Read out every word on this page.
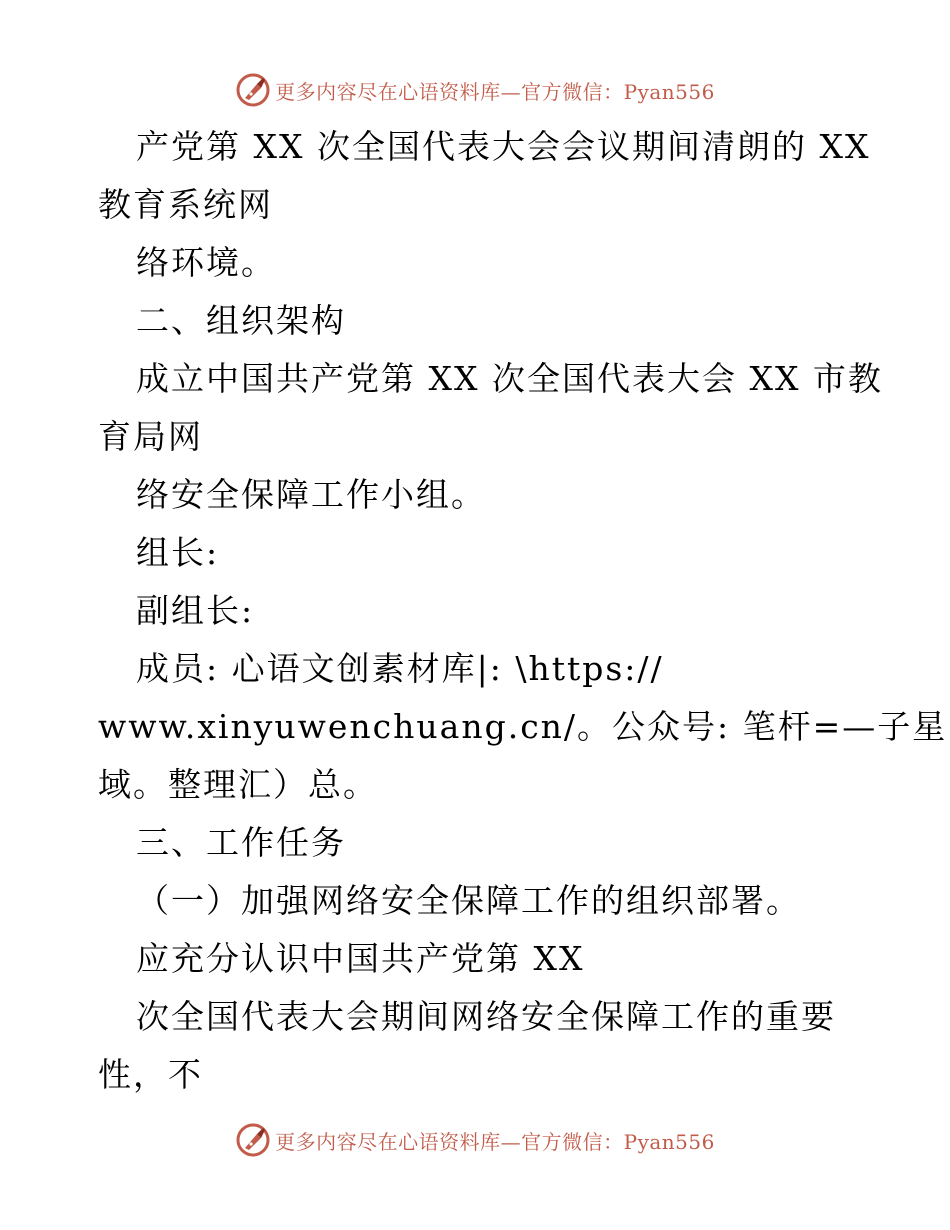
更多内容尽在心语资料库—官方微信：Pyan556
产党第 XX 次全国代表大会会议期间清朗的 XX
教育系统网
络环境。
二、组织架构
成立中国共产党第 XX 次全国代表大会 XX 市教
育局网
络安全保障工作小组。
组长:
副组长:
成员: 心语文创素材库|: \https://
www.xinyuwenchuang.cn/。公众号: 笔杆=—子星
域。整理汇）总。
三、工作任务
（一）加强网络安全保障工作的组织部署。
应充分认识中国共产党第 XX
次全国代表大会期间网络安全保障工作的重要
性，不
更多内容尽在心语资料库—官方微信：Pyan556
